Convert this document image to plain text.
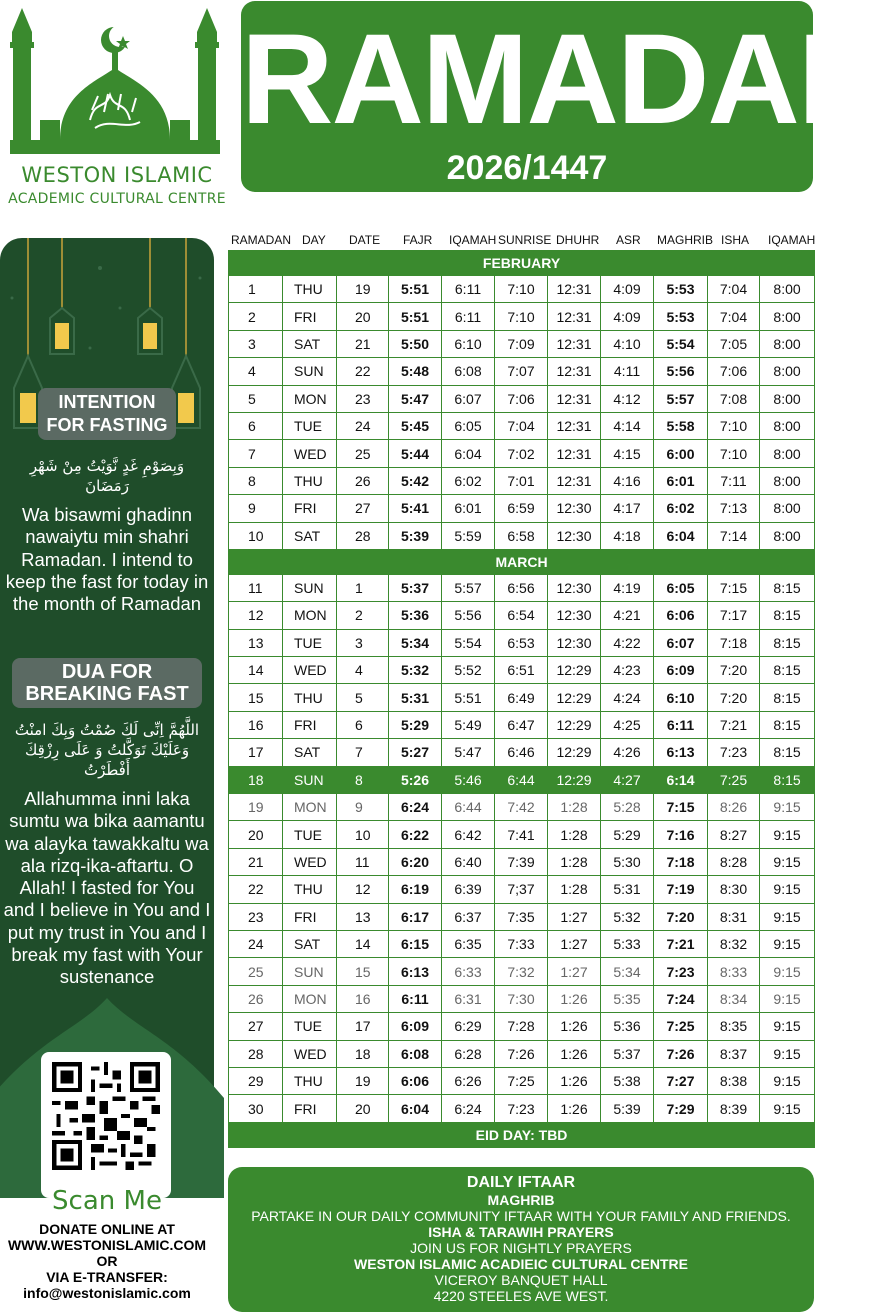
WESTON ISLAMIC
ACADEMIC CULTURAL CENTRE
RAMADAN
2026/1447
INTENTION FOR FASTING
وَبِصَوْمِ غَدٍ نَّوَيْتُ مِنْ شَهْرِ رَمَضَانَ
Wa bisawmi ghadinn nawaiytu min shahri Ramadan. I intend to keep the fast for today in the month of Ramadan
DUA FOR BREAKING FAST
اللَّهُمَّ اِنِّى لَكَ صُمْتُ وَبِكَ امنْتُ وَعَلَيْكَ تَوَكَّلتُ وَ عَلَى رِزْقِكَ أَفْطَرْتُ
Allahumma inni laka sumtu wa bika aamantu wa alayka tawakkaltu wa ala rizq-ika-aftartu. O Allah! I fasted for You and I believe in You and I put my trust in You and I break my fast with Your sustenance
Scan Me
DONATE ONLINE AT
WWW.WESTONISLAMIC.COM
OR
VIA E-TRANSFER:
info@westonislamic.com
RAMADAN DAY DATE FAJR IQAMAH SUNRISE DHUHR ASR MAGHRIB ISHA IQAMAH
FEBRUARY										
1	THU	19	5:51	6:11	7:10	12:31	4:09	5:53	7:04	8:00
2	FRI	20	5:51	6:11	7:10	12:31	4:09	5:53	7:04	8:00
3	SAT	21	5:50	6:10	7:09	12:31	4:10	5:54	7:05	8:00
4	SUN	22	5:48	6:08	7:07	12:31	4:11	5:56	7:06	8:00
5	MON	23	5:47	6:07	7:06	12:31	4:12	5:57	7:08	8:00
6	TUE	24	5:45	6:05	7:04	12:31	4:14	5:58	7:10	8:00
7	WED	25	5:44	6:04	7:02	12:31	4:15	6:00	7:10	8:00
8	THU	26	5:42	6:02	7:01	12:31	4:16	6:01	7:11	8:00
9	FRI	27	5:41	6:01	6:59	12:30	4:17	6:02	7:13	8:00
10	SAT	28	5:39	5:59	6:58	12:30	4:18	6:04	7:14	8:00
MARCH										
11	SUN	1	5:37	5:57	6:56	12:30	4:19	6:05	7:15	8:15
12	MON	2	5:36	5:56	6:54	12:30	4:21	6:06	7:17	8:15
13	TUE	3	5:34	5:54	6:53	12:30	4:22	6:07	7:18	8:15
14	WED	4	5:32	5:52	6:51	12:29	4:23	6:09	7:20	8:15
15	THU	5	5:31	5:51	6:49	12:29	4:24	6:10	7:20	8:15
16	FRI	6	5:29	5:49	6:47	12:29	4:25	6:11	7:21	8:15
17	SAT	7	5:27	5:47	6:46	12:29	4:26	6:13	7:23	8:15
18	SUN	8	5:26	5:46	6:44	12:29	4:27	6:14	7:25	8:15
19	MON	9	6:24	6:44	7:42	1:28	5:28	7:15	8:26	9:15
20	TUE	10	6:22	6:42	7:41	1:28	5:29	7:16	8:27	9:15
21	WED	11	6:20	6:40	7:39	1:28	5:30	7:18	8:28	9:15
22	THU	12	6:19	6:39	7;37	1:28	5:31	7:19	8:30	9:15
23	FRI	13	6:17	6:37	7:35	1:27	5:32	7:20	8:31	9:15
24	SAT	14	6:15	6:35	7:33	1:27	5:33	7:21	8:32	9:15
25	SUN	15	6:13	6:33	7:32	1:27	5:34	7:23	8:33	9:15
26	MON	16	6:11	6:31	7:30	1:26	5:35	7:24	8:34	9:15
27	TUE	17	6:09	6:29	7:28	1:26	5:36	7:25	8:35	9:15
28	WED	18	6:08	6:28	7:26	1:26	5:37	7:26	8:37	9:15
29	THU	19	6:06	6:26	7:25	1:26	5:38	7:27	8:38	9:15
30	FRI	20	6:04	6:24	7:23	1:26	5:39	7:29	8:39	9:15
EID DAY: TBD										
DAILY IFTAAR
MAGHRIB
PARTAKE IN OUR DAILY COMMUNITY IFTAAR WITH YOUR FAMILY AND FRIENDS.
ISHA & TARAWIH PRAYERS
JOIN US FOR NIGHTLY PRAYERS
WESTON ISLAMIC ACADIEIC CULTURAL CENTRE
VICEROY BANQUET HALL
4220 STEELES AVE WEST.
